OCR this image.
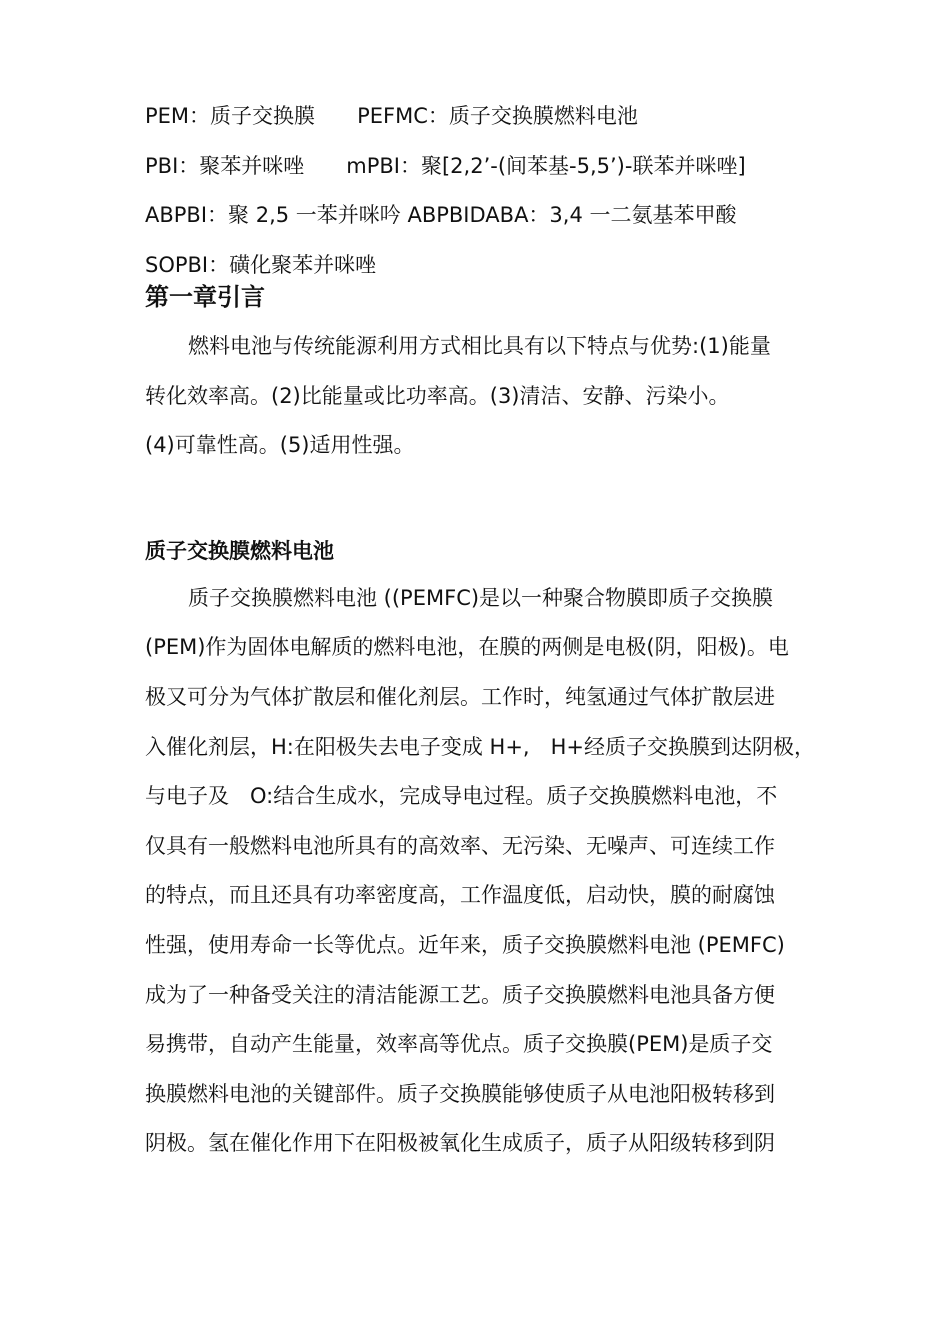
PEM：质子交换膜 PEFMC：质子交换膜燃料电池
PBI：聚苯并咪唑 mPBI：聚[2,2’-(间苯基-5,5’)-联苯并咪唑]
ABPBI：聚 2,5 一苯并咪吟 ABPBIDABA：3,4 一二氨基苯甲酸
SOPBI：磺化聚苯并咪唑
第一章引言

燃料电池与传统能源利用方式相比具有以下特点与优势:(1)能量
转化效率高。(2)比能量或比功率高。(3)清洁、安静、污染小。
(4)可靠性高。(5)适用性强。

质子交换膜燃料电池

质子交换膜燃料电池 ((PEMFC)是以一种聚合物膜即质子交换膜
(PEM)作为固体电解质的燃料电池，在膜的两侧是电极(阴，阳极)。电
极又可分为气体扩散层和催化剂层。工作时，纯氢通过气体扩散层进
入催化剂层，H:在阳极失去电子变成 H+,　H+经质子交换膜到达阴极，
与电子及　O:结合生成水，完成导电过程。质子交换膜燃料电池，不
仅具有一般燃料电池所具有的高效率、无污染、无噪声、可连续工作
的特点，而且还具有功率密度高，工作温度低，启动快，膜的耐腐蚀
性强，使用寿命一长等优点。近年来，质子交换膜燃料电池 (PEMFC)
成为了一种备受关注的清洁能源工艺。质子交换膜燃料电池具备方便
易携带，自动产生能量，效率高等优点。质子交换膜(PEM)是质子交
换膜燃料电池的关键部件。质子交换膜能够使质子从电池阳极转移到
阴极。氢在催化作用下在阳极被氧化生成质子，质子从阳级转移到阴
